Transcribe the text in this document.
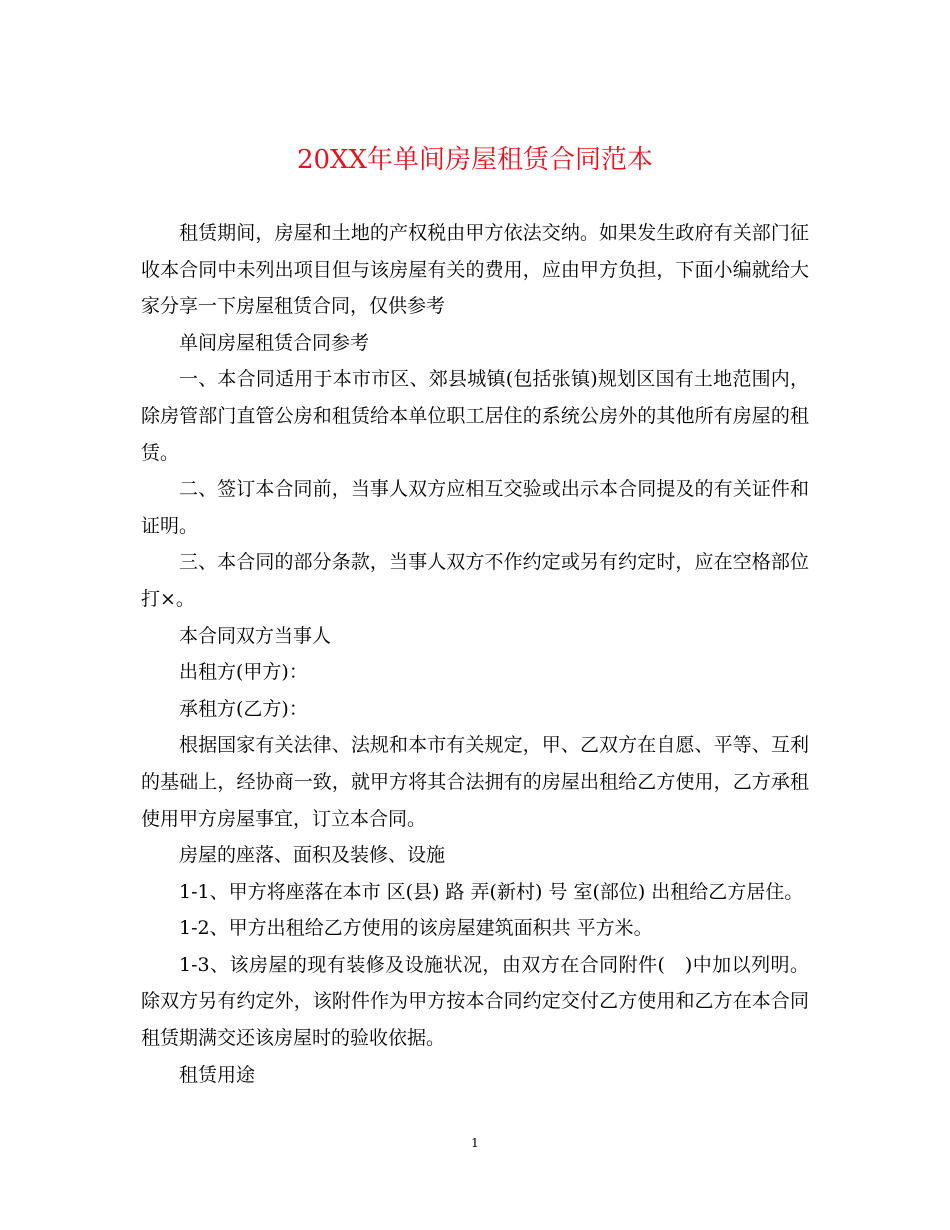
20XX年单间房屋租赁合同范本

租赁期间，房屋和土地的产权税由甲方依法交纳。如果发生政府有关部门征收本合同中未列出项目但与该房屋有关的费用，应由甲方负担，下面小编就给大家分享一下房屋租赁合同，仅供参考

单间房屋租赁合同参考

一、本合同适用于本市市区、郊县城镇(包括张镇)规划区国有土地范围内，除房管部门直管公房和租赁给本单位职工居住的系统公房外的其他所有房屋的租赁。

二、签订本合同前，当事人双方应相互交验或出示本合同提及的有关证件和证明。

三、本合同的部分条款，当事人双方不作约定或另有约定时，应在空格部位打×。

本合同双方当事人

出租方(甲方)：

承租方(乙方)：

根据国家有关法律、法规和本市有关规定，甲、乙双方在自愿、平等、互利的基础上，经协商一致，就甲方将其合法拥有的房屋出租给乙方使用，乙方承租使用甲方房屋事宜，订立本合同。

房屋的座落、面积及装修、设施

1-1、甲方将座落在本市 区(县) 路 弄(新村) 号 室(部位) 出租给乙方居住。

1-2、甲方出租给乙方使用的该房屋建筑面积共 平方米。

1-3、该房屋的现有装修及设施状况，由双方在合同附件(　)中加以列明。除双方另有约定外，该附件作为甲方按本合同约定交付乙方使用和乙方在本合同租赁期满交还该房屋时的验收依据。

租赁用途

1
